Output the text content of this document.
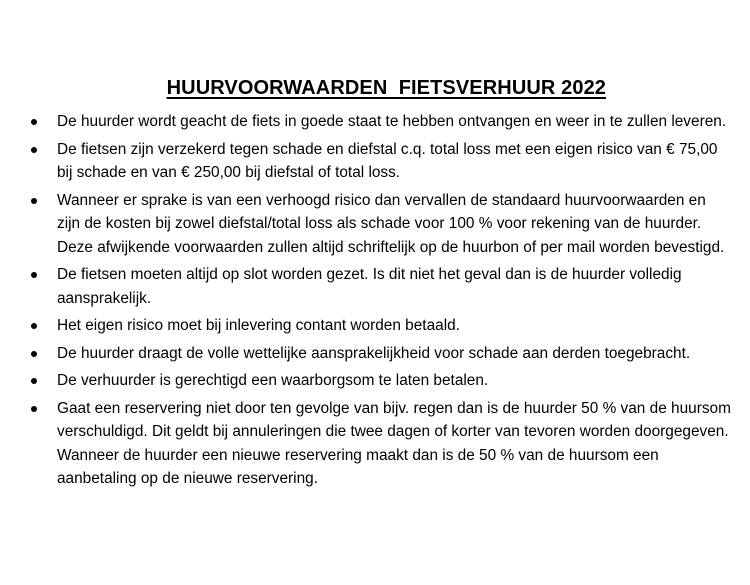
HUURVOORWAARDEN  FIETSVERHUUR 2022

De huurder wordt geacht de fiets in goede staat te hebben ontvangen en weer in te zullen leveren.
De fietsen zijn verzekerd tegen schade en diefstal c.q. total loss met een eigen risico van € 75,00 bij schade en van € 250,00 bij diefstal of total loss.
Wanneer er sprake is van een verhoogd risico dan vervallen de standaard huurvoorwaarden en zijn de kosten bij zowel diefstal/total loss als schade voor 100 % voor rekening van de huurder. Deze afwijkende voorwaarden zullen altijd schriftelijk op de huurbon of per mail worden bevestigd.
De fietsen moeten altijd op slot worden gezet. Is dit niet het geval dan is de huurder volledig aansprakelijk.
Het eigen risico moet bij inlevering contant worden betaald.
De huurder draagt de volle wettelijke aansprakelijkheid voor schade aan derden toegebracht.
De verhuurder is gerechtigd een waarborgsom te laten betalen.
Gaat een reservering niet door ten gevolge van bijv. regen dan is de huurder 50 % van de huursom verschuldigd. Dit geldt bij annuleringen die twee dagen of korter van tevoren worden doorgegeven. Wanneer de huurder een nieuwe reservering maakt dan is de 50 % van de huursom een aanbetaling op de nieuwe reservering.
